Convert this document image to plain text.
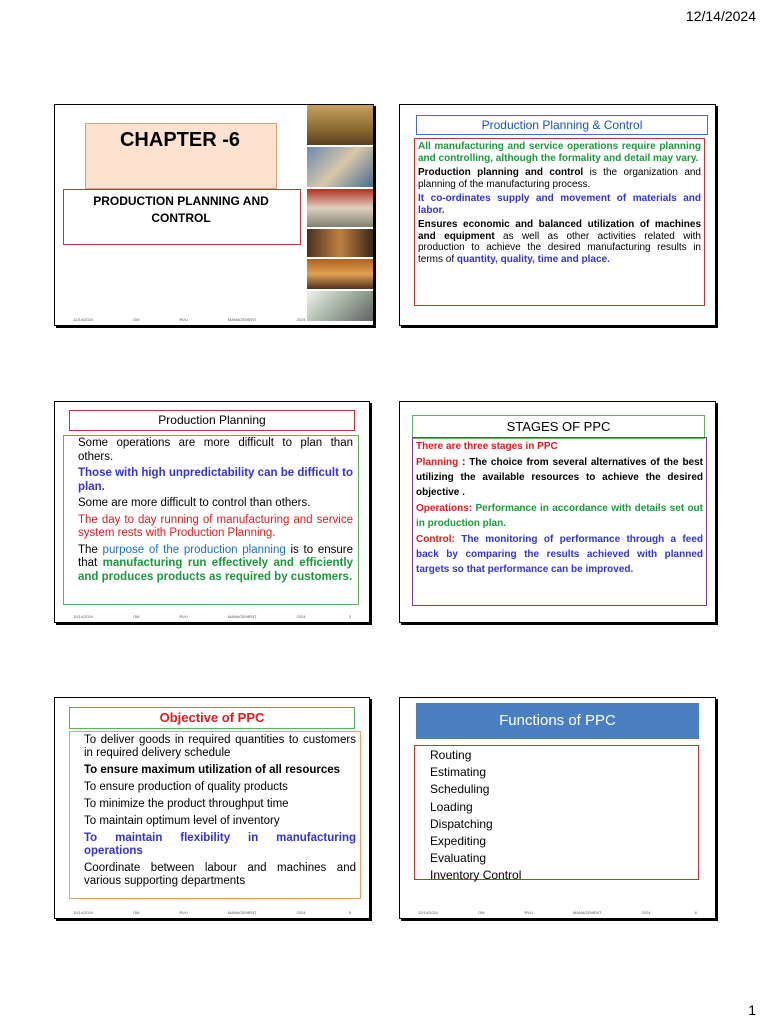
12/14/2024
CHAPTER -6
PRODUCTION PLANNING AND CONTROL
12/14/2024	OM	RVU	MANAGEMENT	2024
Production Planning & Control

All manufacturing and service operations require planning and controlling, although the formality and detail may vary.

Production planning and control is the organization and planning of the manufacturing process.

It co-ordinates supply and movement of materials and labor.

Ensures economic and balanced utilization of machines and equipment as well as other activities related with production to achieve the desired manufacturing results in terms of quantity, quality, time and place.

Production Planning

Some operations are more difficult to plan than others.

Those with high unpredictability can be difficult to plan.

Some are more difficult to control than others.

The day to day running of manufacturing and service system rests with Production Planning.

The purpose of the production planning is to ensure that manufacturing run effectively and efficiently and produces products as required by customers.

12/14/2024	OM	RVU	MANAGEMENT	2024	3
STAGES OF PPC

There are three stages in PPC

Planning : The choice from several alternatives of the best utilizing the available resources to achieve the desired objective .

Operations: Performance in accordance with details set out in production plan.

Control: The monitoring of performance through a feed back by comparing the results achieved with planned targets so that performance can be improved.

Objective of PPC

To deliver goods in required quantities to customers in required delivery schedule

To ensure maximum utilization of all resources

To ensure production of quality products

To minimize the product throughput time

To maintain optimum level of inventory

To maintain flexibility in manufacturing operations

Coordinate between labour and machines and various supporting departments

12/14/2024	OM	RVU	MANAGEMENT	2024	5
Functions of PPC
Routing
Estimating
Scheduling
Loading
Dispatching
Expediting
Evaluating
Inventory Control
12/14/2024	OM	RVU	MANAGEMENT	2024	6
1
